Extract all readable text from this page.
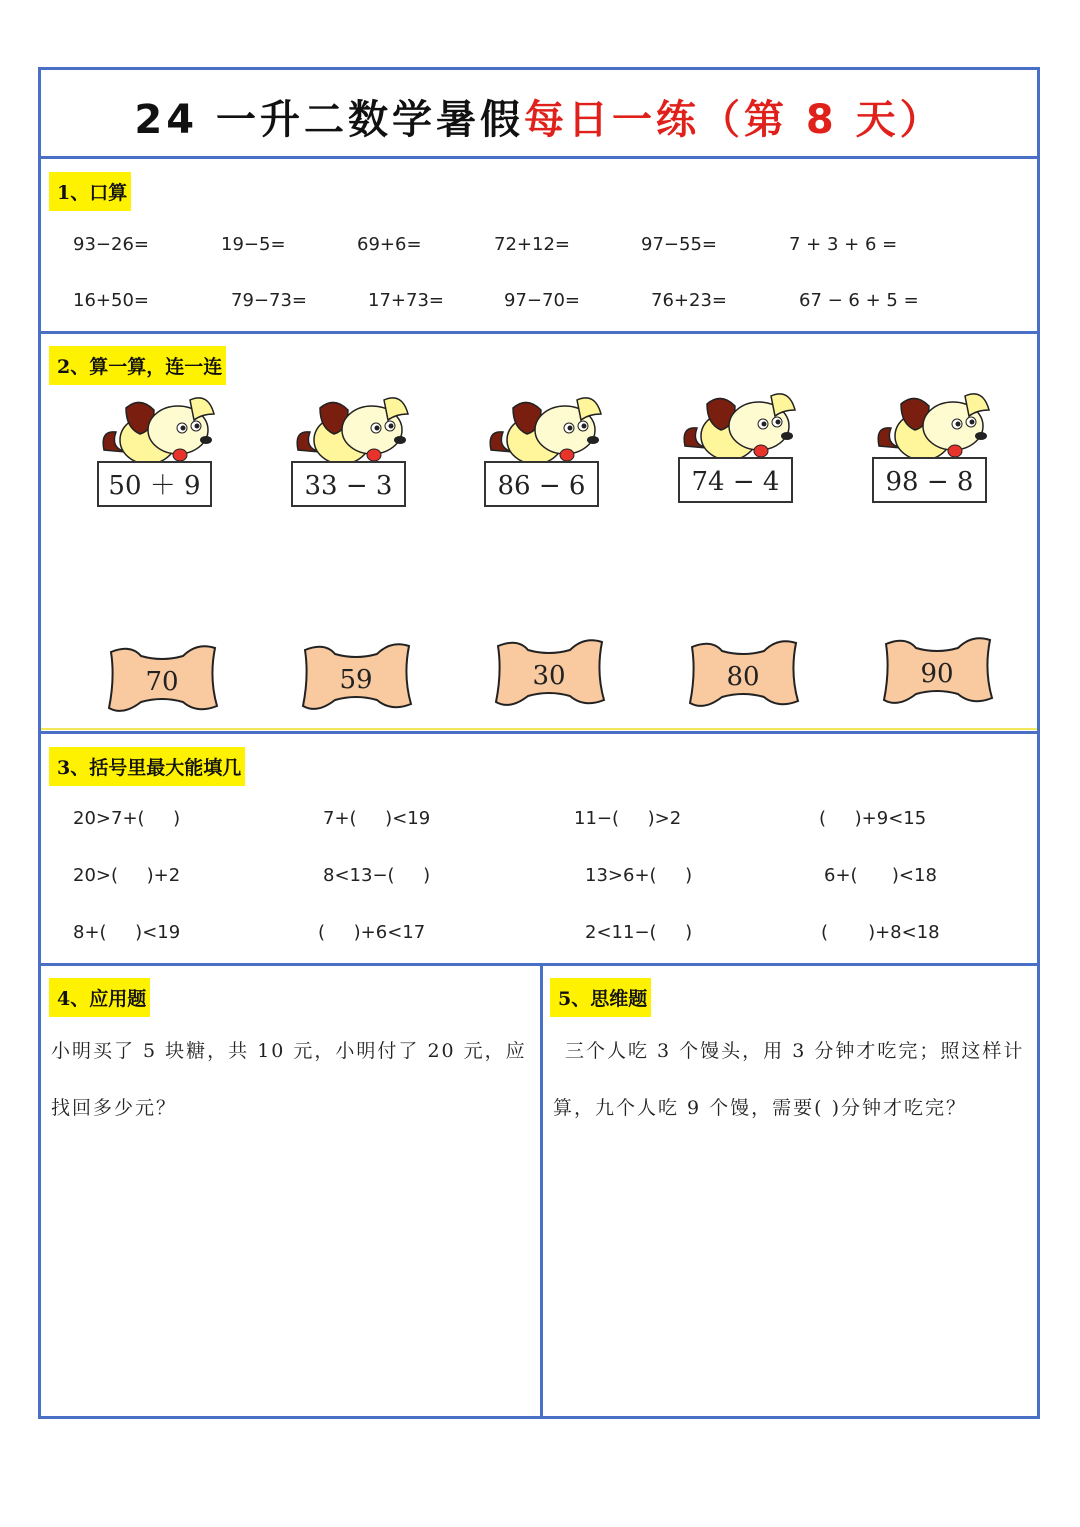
24 一升二数学暑假每日一练（第 8 天）
1、口算
93−26=	19−5=	69+6=	72+12=	97−55=	7 + 3 + 6 =
16+50=	79−73=	17+73=	97−70=	76+23=	67 − 6 + 5 =
2、算一算，连一连
50 ＋ 9	33 − 3	86 − 6	74 − 4	98 − 8
70	59	30	80	90
3、括号里最大能填几
20>7+(     )	7+(     )<19	11−(     )>2	(     )+9<15
20>(     )+2	8<13−(     )	13>6+(     )	6+(      )<18
8+(     )<19	(     )+6<17	2<11−(     )	(       )+8<18
4、应用题
小明买了 5 块糖，共 10 元，小明付了 20 元，应找回多少元？
5、思维题
三个人吃 3 个馒头，用 3 分钟才吃完；照这样计算，九个人吃 9 个馒，需要( )分钟才吃完？
